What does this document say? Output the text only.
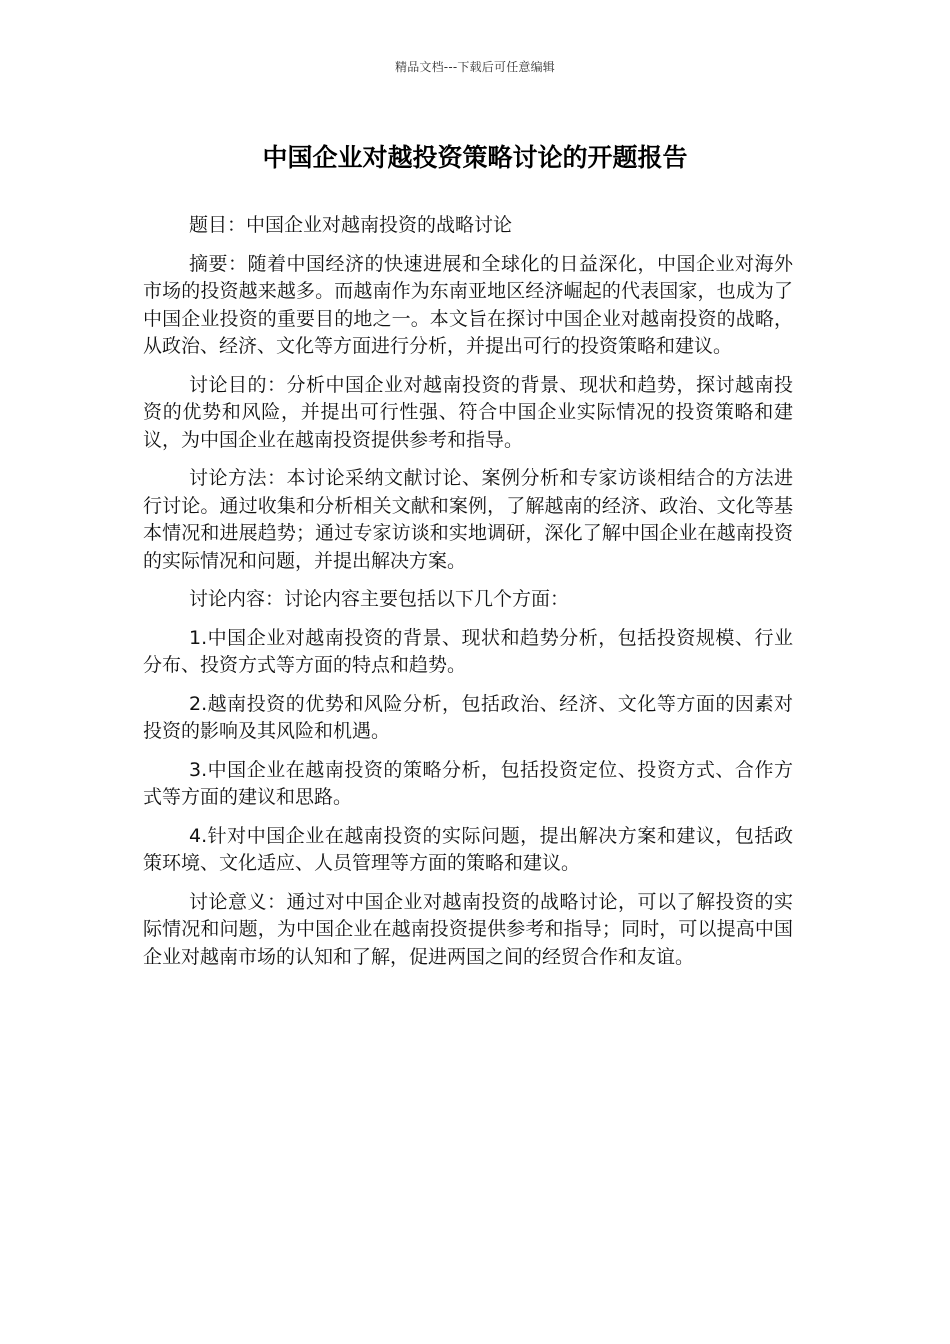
精品文档---下载后可任意编辑
中国企业对越投资策略讨论的开题报告

题目：中国企业对越南投资的战略讨论

摘要：随着中国经济的快速进展和全球化的日益深化，中国企业对海外市场的投资越来越多。而越南作为东南亚地区经济崛起的代表国家，也成为了中国企业投资的重要目的地之一。本文旨在探讨中国企业对越南投资的战略，从政治、经济、文化等方面进行分析，并提出可行的投资策略和建议。

讨论目的：分析中国企业对越南投资的背景、现状和趋势，探讨越南投资的优势和风险，并提出可行性强、符合中国企业实际情况的投资策略和建议，为中国企业在越南投资提供参考和指导。

讨论方法：本讨论采纳文献讨论、案例分析和专家访谈相结合的方法进行讨论。通过收集和分析相关文献和案例，了解越南的经济、政治、文化等基本情况和进展趋势；通过专家访谈和实地调研，深化了解中国企业在越南投资的实际情况和问题，并提出解决方案。

讨论内容：讨论内容主要包括以下几个方面：

1.中国企业对越南投资的背景、现状和趋势分析，包括投资规模、行业分布、投资方式等方面的特点和趋势。

2.越南投资的优势和风险分析，包括政治、经济、文化等方面的因素对投资的影响及其风险和机遇。

3.中国企业在越南投资的策略分析，包括投资定位、投资方式、合作方式等方面的建议和思路。

4.针对中国企业在越南投资的实际问题，提出解决方案和建议，包括政策环境、文化适应、人员管理等方面的策略和建议。

讨论意义：通过对中国企业对越南投资的战略讨论，可以了解投资的实际情况和问题，为中国企业在越南投资提供参考和指导；同时，可以提高中国企业对越南市场的认知和了解，促进两国之间的经贸合作和友谊。
